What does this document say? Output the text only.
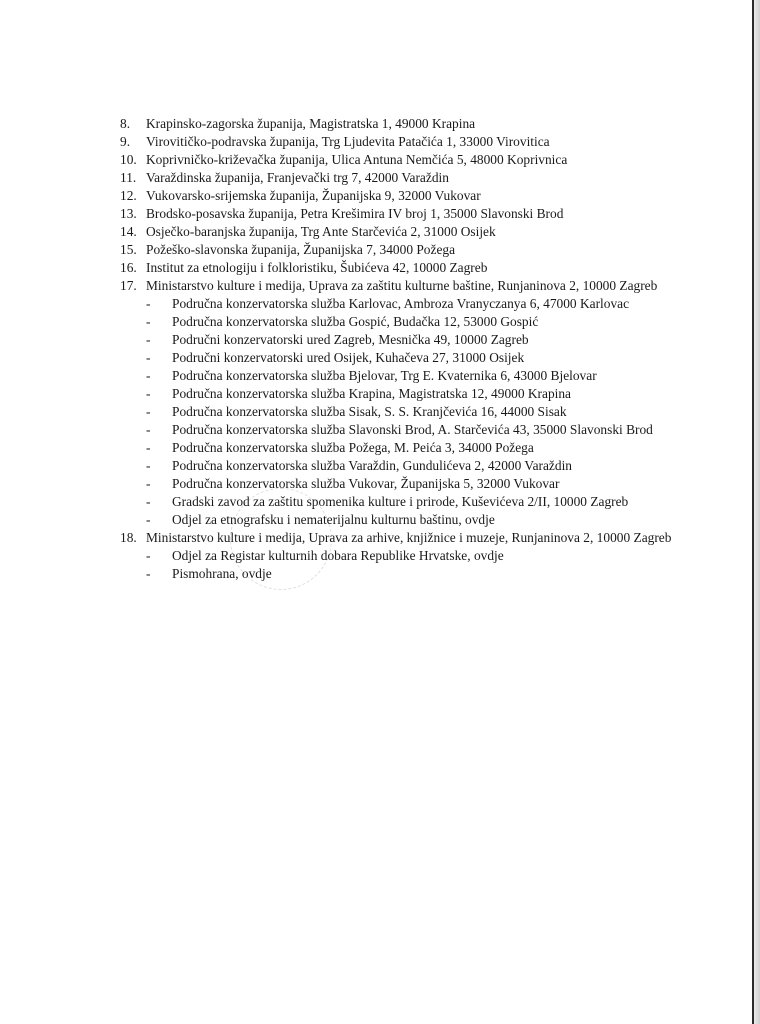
8. Krapinsko-zagorska županija, Magistratska 1, 49000 Krapina
9. Virovitičko-podravska županija, Trg Ljudevita Patačića 1, 33000 Virovitica
10. Koprivničko-križevačka županija, Ulica Antuna Nemčića 5, 48000 Koprivnica
11. Varaždinska županija, Franjevački trg 7, 42000 Varaždin
12. Vukovarsko-srijemska županija, Županijska 9, 32000 Vukovar
13. Brodsko-posavska županija, Petra Krešimira IV broj 1, 35000 Slavonski Brod
14. Osječko-baranjska županija, Trg Ante Starčevića 2, 31000 Osijek
15. Požeško-slavonska županija, Županijska 7, 34000 Požega
16. Institut za etnologiju i folkloristiku, Šubićeva 42, 10000 Zagreb
17. Ministarstvo kulture i medija, Uprava za zaštitu kulturne baštine, Runjaninova 2, 10000 Zagreb
- Područna konzervatorska služba Karlovac, Ambroza Vranyczanya 6, 47000 Karlovac
- Područna konzervatorska služba Gospić, Budačka 12, 53000 Gospić
- Područni konzervatorski ured Zagreb, Mesnička 49, 10000 Zagreb
- Područni konzervatorski ured Osijek, Kuhačeva 27, 31000 Osijek
- Područna konzervatorska služba Bjelovar, Trg E. Kvaternika 6, 43000 Bjelovar
- Područna konzervatorska služba Krapina, Magistratska 12, 49000 Krapina
- Područna konzervatorska služba Sisak, S. S. Kranjčevića 16, 44000 Sisak
- Područna konzervatorska služba Slavonski Brod, A. Starčevića 43, 35000 Slavonski Brod
- Područna konzervatorska služba Požega, M. Peića 3, 34000 Požega
- Područna konzervatorska služba Varaždin, Gundulićeva 2, 42000 Varaždin
- Područna konzervatorska služba Vukovar, Županijska 5, 32000 Vukovar
- Gradski zavod za zaštitu spomenika kulture i prirode, Kuševićeva 2/II, 10000 Zagreb
- Odjel za etnografsku i nematerijalnu kulturnu baštinu, ovdje
18. Ministarstvo kulture i medija, Uprava za arhive, knjižnice i muzeje, Runjaninova 2, 10000 Zagreb
- Odjel za Registar kulturnih dobara Republike Hrvatske, ovdje
- Pismohrana, ovdje
